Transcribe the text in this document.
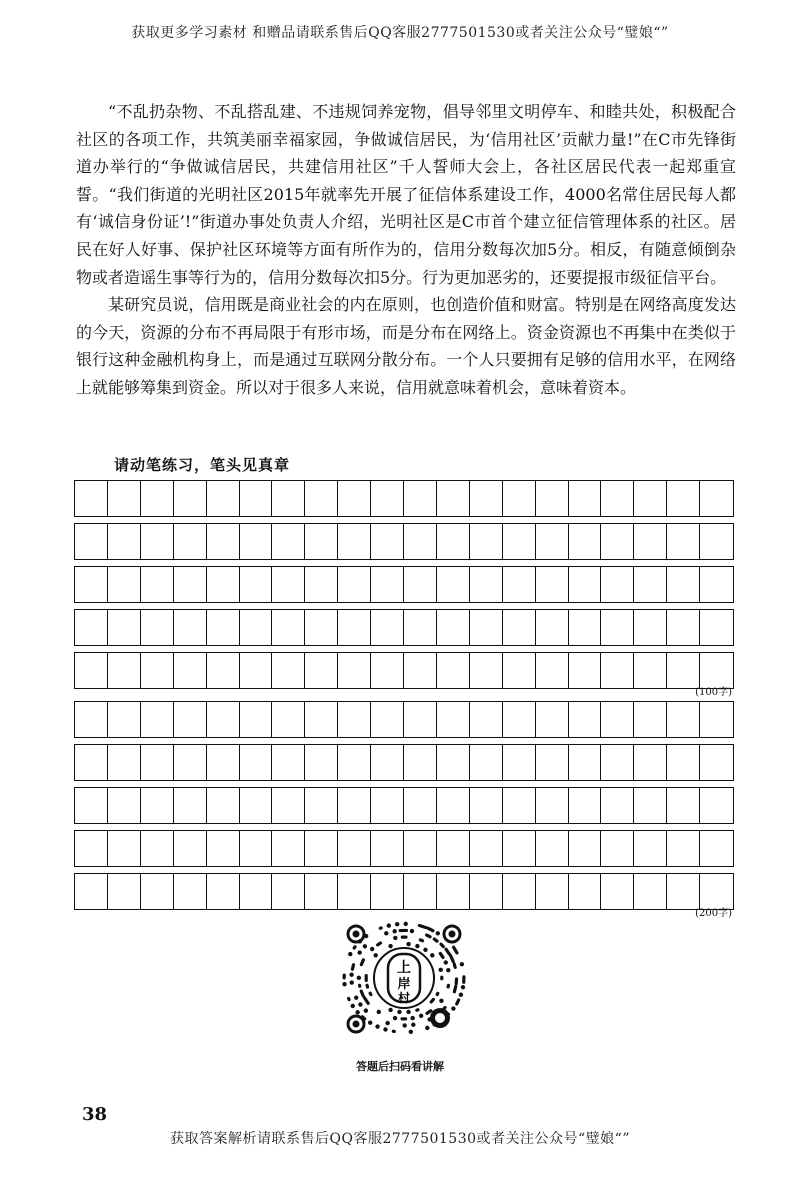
获取更多学习素材 和赠品请联系售后QQ客服2777501530或者关注公众号“璧娘“”

“不乱扔杂物、不乱搭乱建、不违规饲养宠物，倡导邻里文明停车、和睦共处，积极配合社区的各项工作，共筑美丽幸福家园，争做诚信居民，为‘信用社区’贡献力量!”在C市先锋街道办举行的“争做诚信居民，共建信用社区”千人誓师大会上，各社区居民代表一起郑重宣誓。“我们街道的光明社区2015年就率先开展了征信体系建设工作，4000名常住居民每人都有‘诚信身份证’!”街道办事处负责人介绍，光明社区是C市首个建立征信管理体系的社区。居民在好人好事、保护社区环境等方面有所作为的，信用分数每次加5分。相反，有随意倾倒杂物或者造谣生事等行为的，信用分数每次扣5分。行为更加恶劣的，还要提报市级征信平台。

某研究员说，信用既是商业社会的内在原则，也创造价值和财富。特别是在网络高度发达的今天，资源的分布不再局限于有形市场，而是分布在网络上。资金资源也不再集中在类似于银行这种金融机构身上，而是通过互联网分散分布。一个人只要拥有足够的信用水平，在网络上就能够筹集到资金。所以对于很多人来说，信用就意味着机会，意味着资本。

请动笔练习，笔头见真章
(100字)
(200字)
上
岸
村
答题后扫码看讲解
38
获取答案解析请联系售后QQ客服2777501530或者关注公众号“璧娘“”
